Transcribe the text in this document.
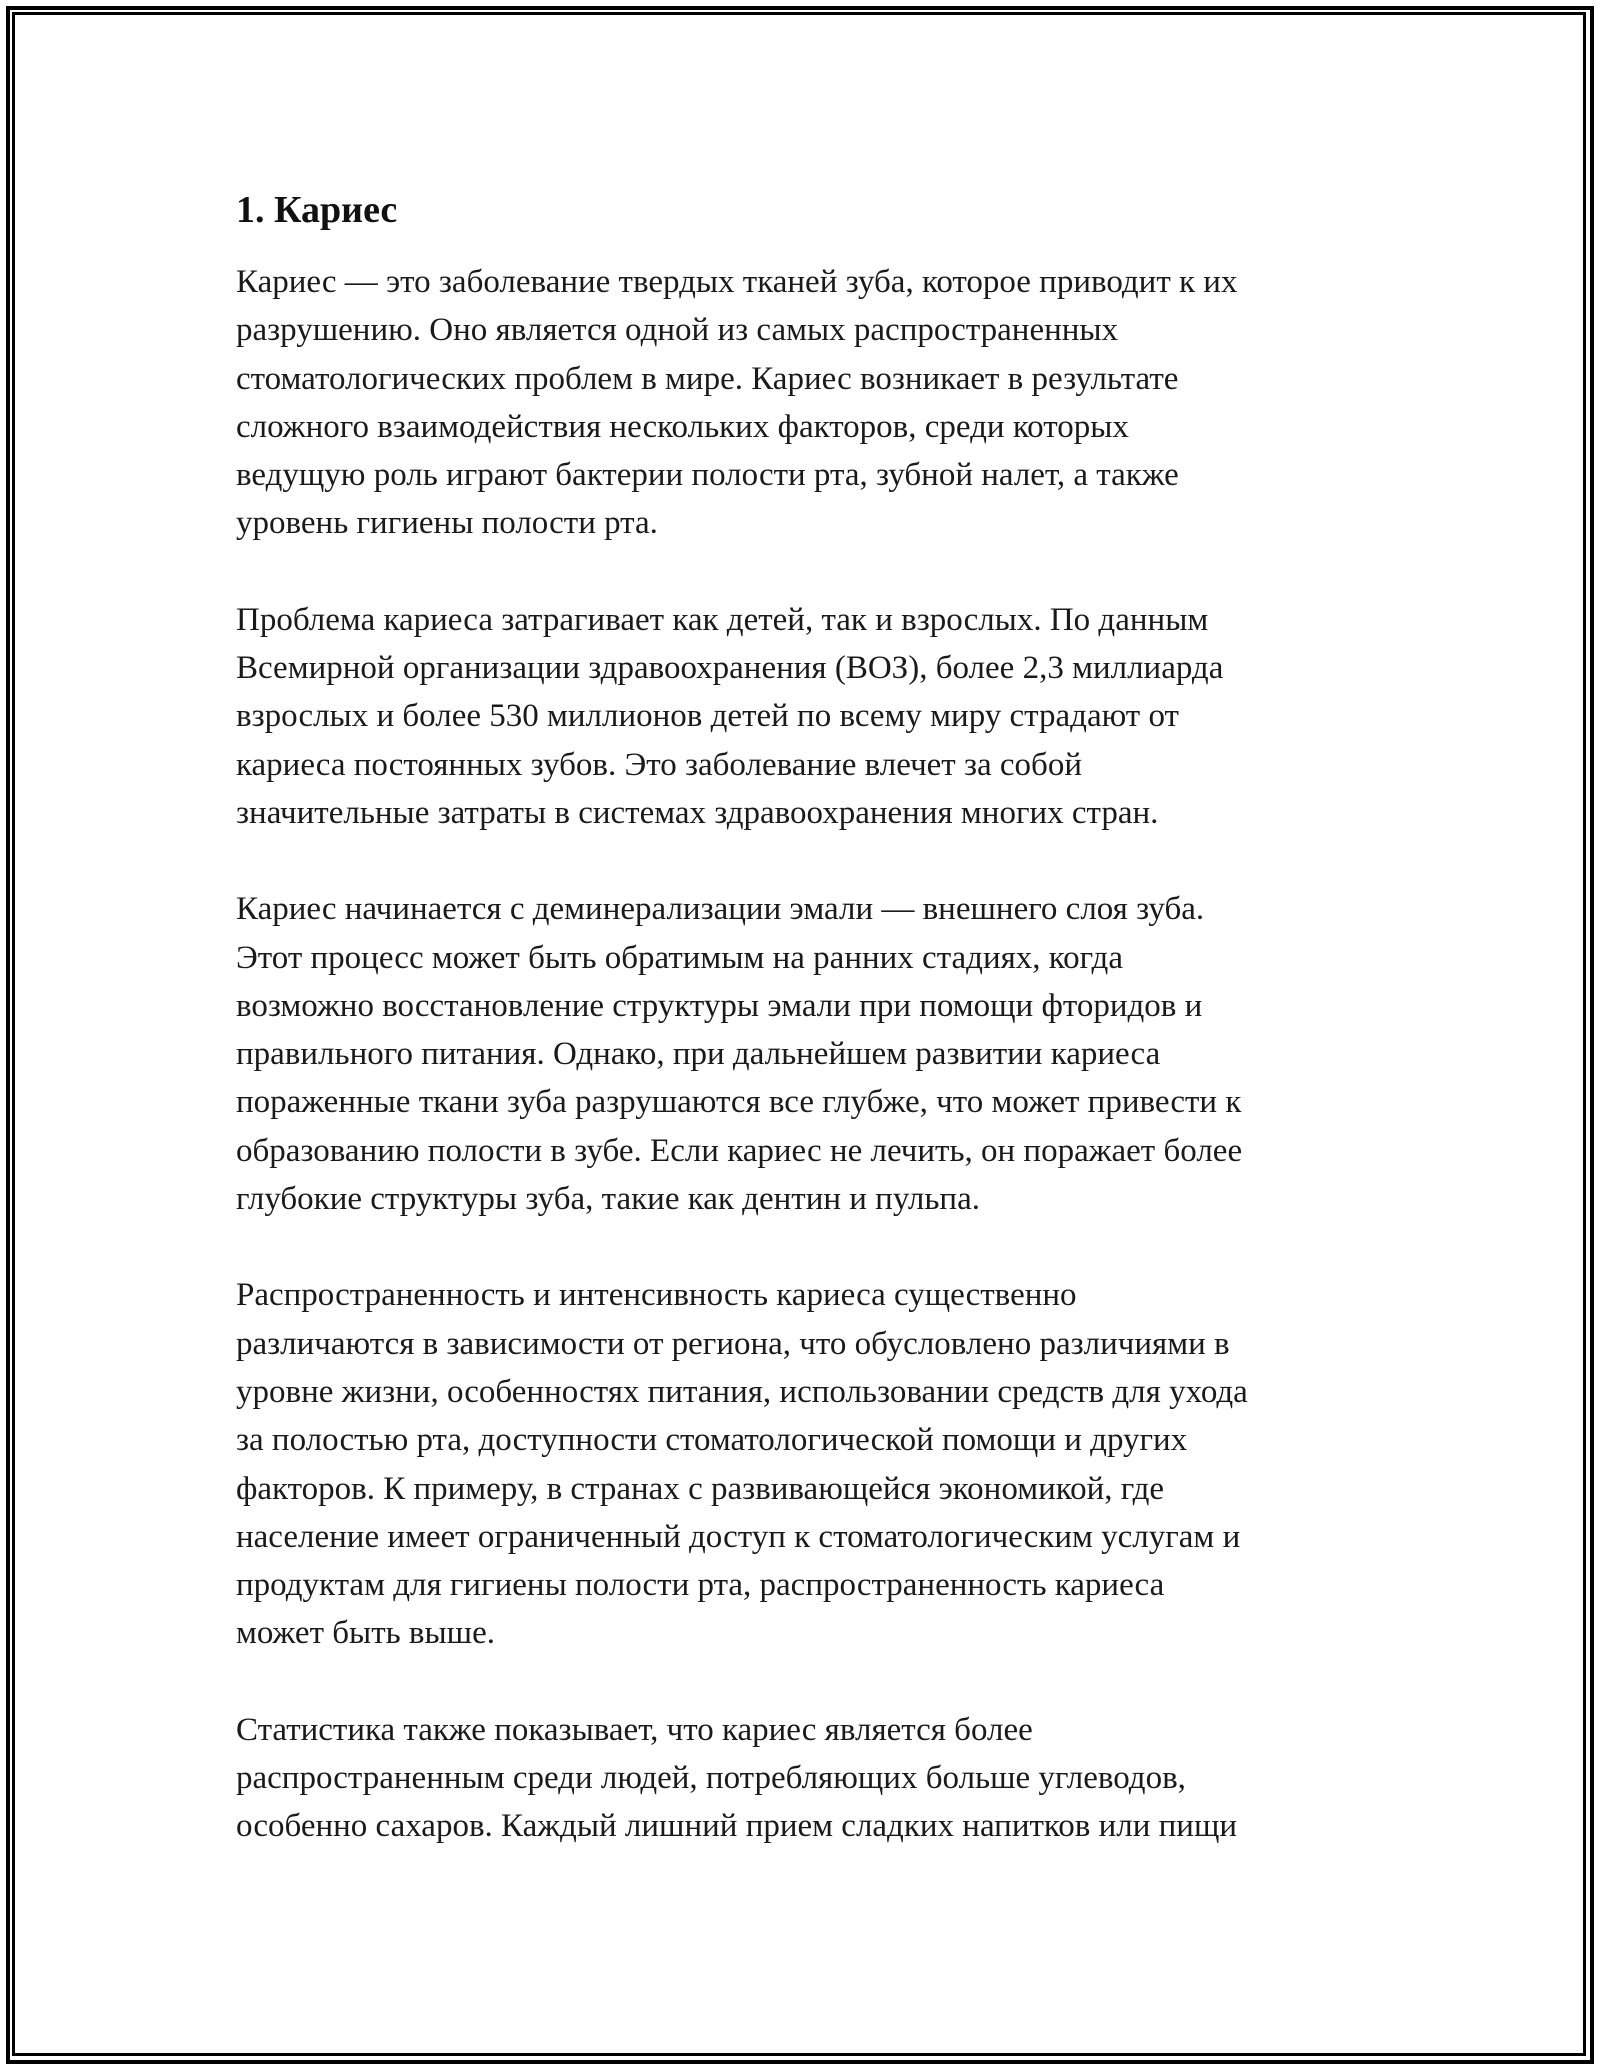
1. Кариес

Кариес — это заболевание твердых тканей зуба, которое приводит к их
разрушению. Оно является одной из самых распространенных
стоматологических проблем в мире. Кариес возникает в результате
сложного взаимодействия нескольких факторов, среди которых
ведущую роль играют бактерии полости рта, зубной налет, а также
уровень гигиены полости рта.

Проблема кариеса затрагивает как детей, так и взрослых. По данным
Всемирной организации здравоохранения (ВОЗ), более 2,3 миллиарда
взрослых и более 530 миллионов детей по всему миру страдают от
кариеса постоянных зубов. Это заболевание влечет за собой
значительные затраты в системах здравоохранения многих стран.

Кариес начинается с деминерализации эмали — внешнего слоя зуба.
Этот процесс может быть обратимым на ранних стадиях, когда
возможно восстановление структуры эмали при помощи фторидов и
правильного питания. Однако, при дальнейшем развитии кариеса
пораженные ткани зуба разрушаются все глубже, что может привести к
образованию полости в зубе. Если кариес не лечить, он поражает более
глубокие структуры зуба, такие как дентин и пульпа.

Распространенность и интенсивность кариеса существенно
различаются в зависимости от региона, что обусловлено различиями в
уровне жизни, особенностях питания, использовании средств для ухода
за полостью рта, доступности стоматологической помощи и других
факторов. К примеру, в странах с развивающейся экономикой, где
население имеет ограниченный доступ к стоматологическим услугам и
продуктам для гигиены полости рта, распространенность кариеса
может быть выше.

Статистика также показывает, что кариес является более
распространенным среди людей, потребляющих больше углеводов,
особенно сахаров. Каждый лишний прием сладких напитков или пищи
